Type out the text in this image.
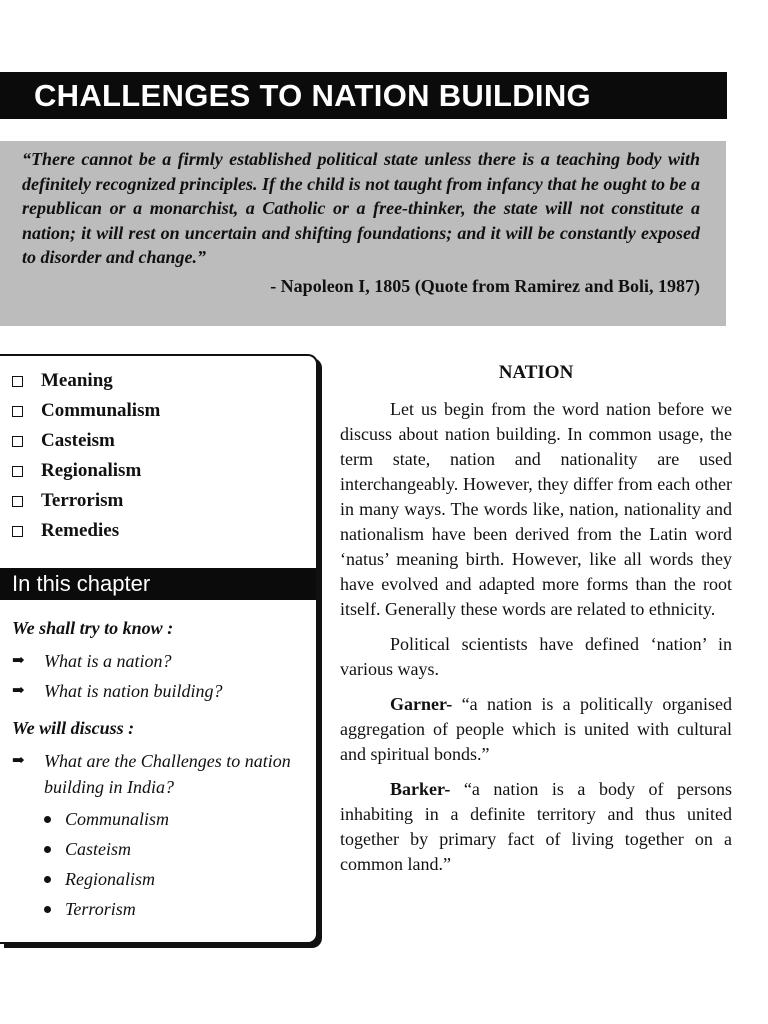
CHALLENGES TO NATION BUILDING
“There cannot be a firmly established political state unless there is a teaching body with definitely recognized principles. If the child is not taught from infancy that he ought to be a republican or a monarchist, a Catholic or a free-thinker, the state will not constitute a nation; it will rest on uncertain and shifting foundations; and it will be constantly exposed to disorder and change.”
- Napoleon I, 1805 (Quote from Ramirez and Boli, 1987)
Meaning
Communalism
Casteism
Regionalism
Terrorism
Remedies
In this chapter
We shall try to know :
➡	What is a nation?
➡	What is nation building?
We will discuss :
➡	What are the Challenges to nation building in India?
Communalism
Casteism
Regionalism
Terrorism
NATION

Let us begin from the word nation before we discuss about nation building. In common usage, the term state, nation and nationality are used interchangeably. However, they differ from each other in many ways. The words like, nation, nationality and nationalism have been derived from the Latin word ‘natus’ meaning birth. However, like all words they have evolved and adapted more forms than the root itself. Generally these words are related to ethnicity.

Political scientists have defined ‘nation’ in various ways.

Garner- “a nation is a politically organised aggregation of people which is united with cultural and spiritual bonds.”

Barker- “a nation is a body of persons inhabiting in a definite territory and thus united together by primary fact of living together on a common land.”
